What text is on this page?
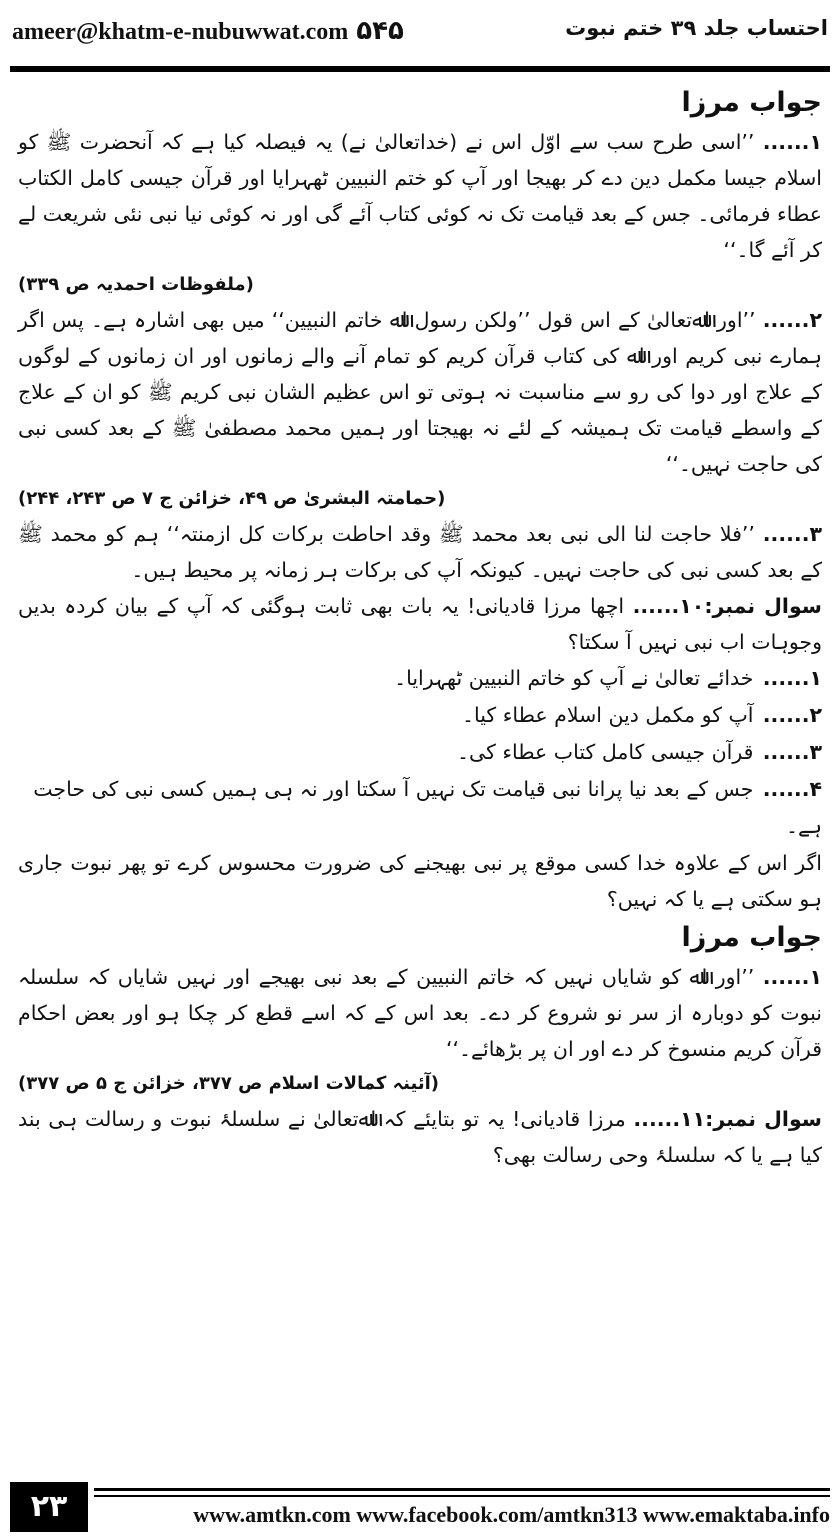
ameer@khatm-e-nubuwwat.com ۵۴۵	احتساب جلد ۳۹ ختم نبوت
جواب مرزا
۱...... ’’اسی طرح سب سے اوّل اس نے (خداتعالیٰ نے) یہ فیصلہ کیا ہے کہ آنحضرت ﷺ کو اسلام جیسا مکمل دین دے کر بھیجا اور آپ کو ختم النبیین ٹھہرایا اور قرآن جیسی کامل الکتاب عطاء فرمائی۔ جس کے بعد قیامت تک نہ کوئی کتاب آئے گی اور نہ کوئی نیا نبی نئی شریعت لے کر آئے گا۔‘‘
(ملفوظات احمدیہ ص ۳۳۹)
۲...... ’’اور اﷲتعالیٰ کے اس قول ’’ولکن رسول اﷲ خاتم النبیین‘‘ میں بھی اشارہ ہے۔ پس اگر ہمارے نبی کریم اور اﷲ کی کتاب قرآن کریم کو تمام آنے والے زمانوں اور ان زمانوں کے لوگوں کے علاج اور دوا کی رو سے مناسبت نہ ہوتی تو اس عظیم الشان نبی کریم ﷺ کو ان کے علاج کے واسطے قیامت تک ہمیشہ کے لئے نہ بھیجتا اور ہمیں محمد مصطفیٰ ﷺ کے بعد کسی نبی کی حاجت نہیں۔‘‘
(حمامتہ البشریٰ ص ۴۹، خزائن ج ۷ ص ۲۴۳، ۲۴۴)
۳...... ’’فلا حاجت لنا الی نبی بعد محمد ﷺ وقد احاطت برکات کل ازمنتہ‘‘ ہم کو محمد ﷺ کے بعد کسی نبی کی حاجت نہیں۔ کیونکہ آپ کی برکات ہر زمانہ پر محیط ہیں۔
سوال نمبر:۱۰...... اچھا مرزا قادیانی! یہ بات بھی ثابت ہوگئی کہ آپ کے بیان کردہ بدیں وجوہات اب نبی نہیں آ سکتا؟
۱...... خدائے تعالیٰ نے آپ کو خاتم النبیین ٹھہرایا۔
۲...... آپ کو مکمل دین اسلام عطاء کیا۔
۳...... قرآن جیسی کامل کتاب عطاء کی۔
۴...... جس کے بعد نیا پرانا نبی قیامت تک نہیں آ سکتا اور نہ ہی ہمیں کسی نبی کی حاجت ہے۔
اگر اس کے علاوہ خدا کسی موقع پر نبی بھیجنے کی ضرورت محسوس کرے تو پھر نبوت جاری ہو سکتی ہے یا کہ نہیں؟
جواب مرزا
۱...... ’’اور اﷲ کو شایاں نہیں کہ خاتم النبیین کے بعد نبی بھیجے اور نہیں شایاں کہ سلسلہ نبوت کو دوبارہ از سر نو شروع کر دے۔ بعد اس کے کہ اسے قطع کر چکا ہو اور بعض احکام قرآن کریم منسوخ کر دے اور ان پر بڑھائے۔‘‘
(آئینہ کمالات اسلام ص ۳۷۷، خزائن ج ۵ ص ۳۷۷)
سوال نمبر:۱۱...... مرزا قادیانی! یہ تو بتایئے کہ اﷲتعالیٰ نے سلسلۂ نبوت و رسالت ہی بند کیا ہے یا کہ سلسلۂ وحی رسالت بھی؟
۲۳	www.amtkn.com www.facebook.com/amtkn313 www.emaktaba.info
